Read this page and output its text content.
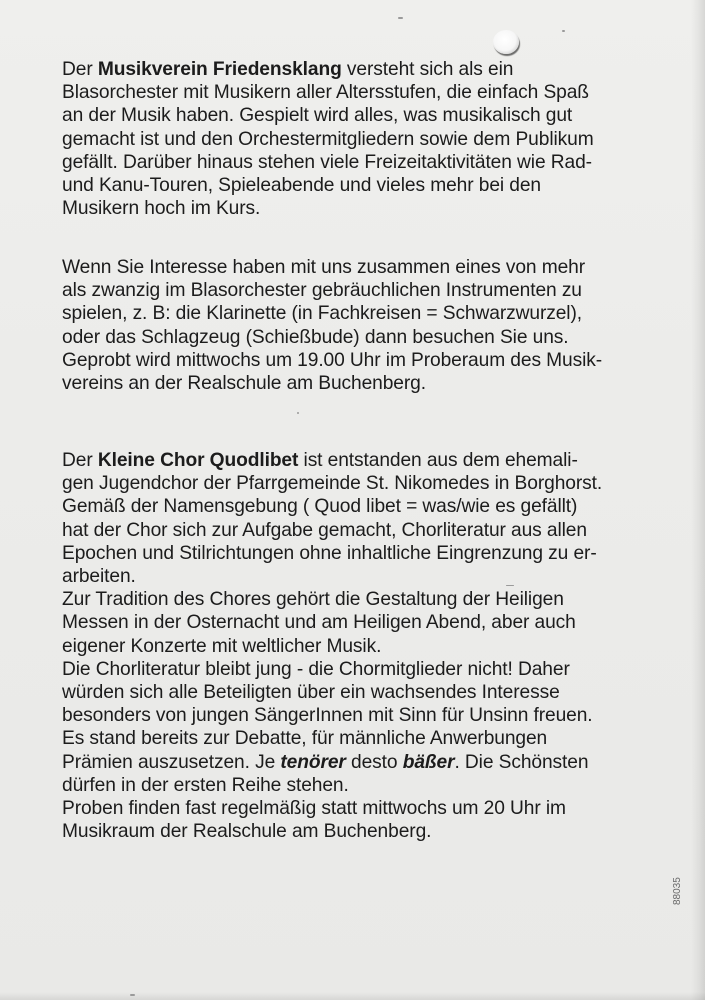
Der Musikverein Friedensklang versteht sich als ein
Blasorchester mit Musikern aller Altersstufen, die einfach Spaß
an der Musik haben. Gespielt wird alles, was musikalisch gut
gemacht ist und den Orchestermitgliedern sowie dem Publikum
gefällt. Darüber hinaus stehen viele Freizeitaktivitäten wie Rad-
und Kanu-Touren, Spieleabende und vieles mehr bei den
Musikern hoch im Kurs.

Wenn Sie Interesse haben mit uns zusammen eines von mehr
als zwanzig im Blasorchester gebräuchlichen Instrumenten zu
spielen, z. B: die Klarinette (in Fachkreisen = Schwarzwurzel),
oder das Schlagzeug (Schießbude) dann besuchen Sie uns.
Geprobt wird mittwochs um 19.00 Uhr im Proberaum des Musik-
vereins an der Realschule am Buchenberg.

Der Kleine Chor Quodlibet ist entstanden aus dem ehemali-
gen Jugendchor der Pfarrgemeinde St. Nikomedes in Borghorst.
Gemäß der Namensgebung ( Quod libet = was/wie es gefällt)
hat der Chor sich zur Aufgabe gemacht, Chorliteratur aus allen
Epochen und Stilrichtungen ohne inhaltliche Eingrenzung zu er-
arbeiten.
Zur Tradition des Chores gehört die Gestaltung der Heiligen
Messen in der Osternacht und am Heiligen Abend, aber auch
eigener Konzerte mit weltlicher Musik.
Die Chorliteratur bleibt jung - die Chormitglieder nicht! Daher
würden sich alle Beteiligten über ein wachsendes Interesse
besonders von jungen SängerInnen mit Sinn für Unsinn freuen.
Es stand bereits zur Debatte, für männliche Anwerbungen
Prämien auszusetzen. Je tenörer desto bäßer. Die Schönsten
dürfen in der ersten Reihe stehen.
Proben finden fast regelmäßig statt mittwochs um 20 Uhr im
Musikraum der Realschule am Buchenberg.

88035
